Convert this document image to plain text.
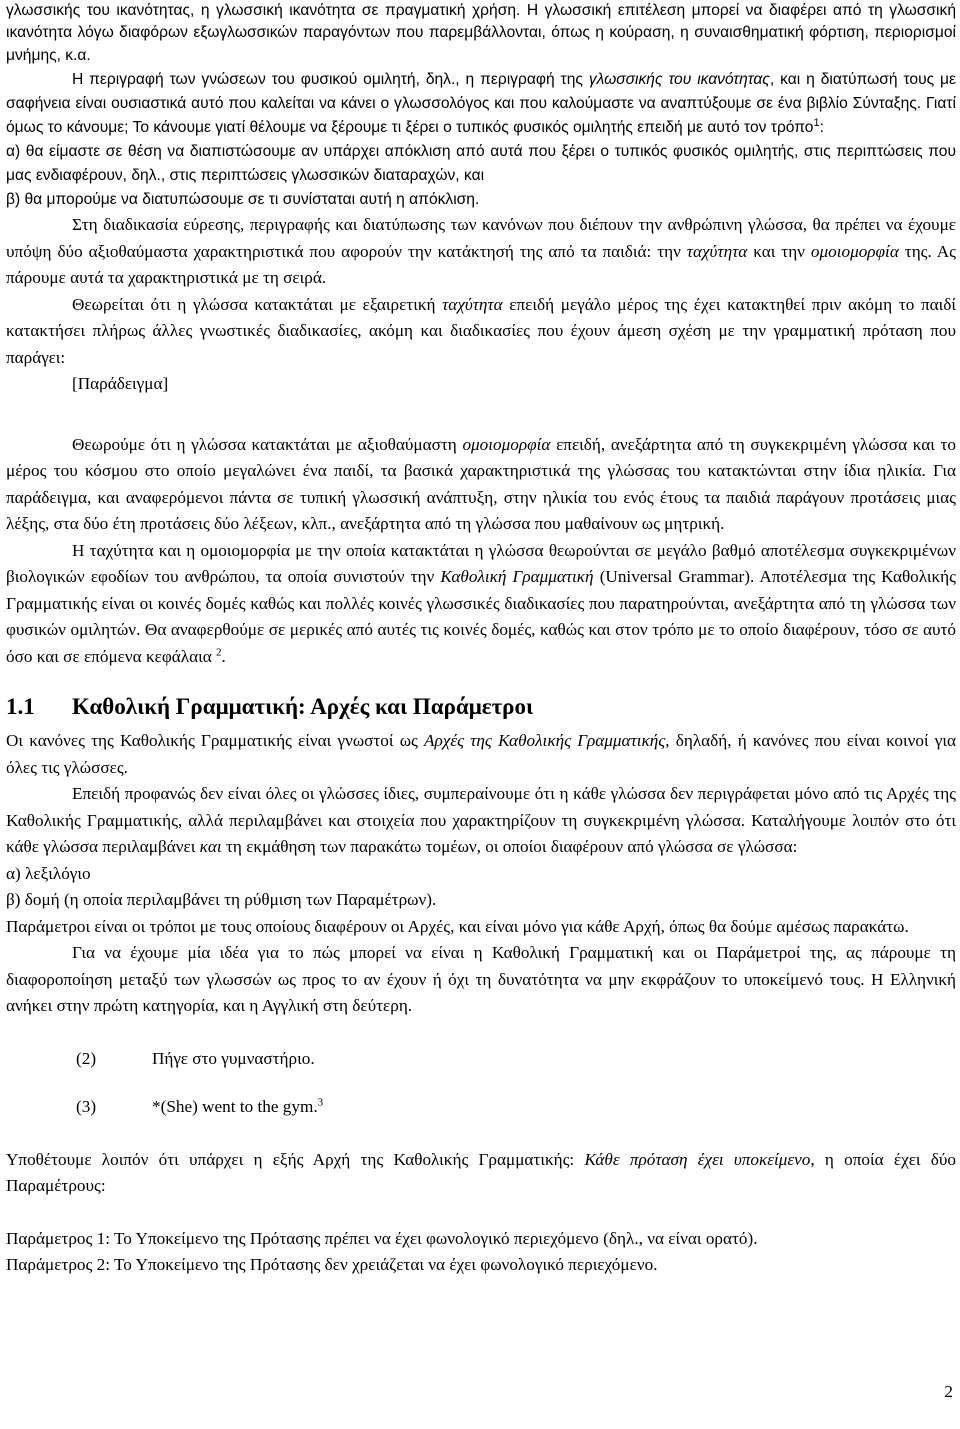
γλωσσικής του ικανότητας, η γλωσσική ικανότητα σε πραγματική χρήση. Η γλωσσική επιτέλεση μπορεί να διαφέρει από τη γλωσσική ικανότητα λόγω διαφόρων εξωγλωσσικών παραγόντων που παρεμβάλλονται, όπως η κούραση, η συναισθηματική φόρτιση, περιορισμοί μνήμης, κ.α.

Η περιγραφή των γνώσεων του φυσικού ομιλητή, δηλ., η περιγραφή της γλωσσικής του ικανότητας, και η διατύπωσή τους με σαφήνεια είναι ουσιαστικά αυτό που καλείται να κάνει ο γλωσσολόγος και που καλούμαστε να αναπτύξουμε σε ένα βιβλίο Σύνταξης. Γιατί όμως το κάνουμε; Το κάνουμε γιατί θέλουμε να ξέρουμε τι ξέρει ο τυπικός φυσικός ομιλητής επειδή με αυτό τον τρόπο$^1$:

α) θα είμαστε σε θέση να διαπιστώσουμε αν υπάρχει απόκλιση από αυτά που ξέρει ο τυπικός φυσικός ομιλητής, στις περιπτώσεις που μας ενδιαφέρουν, δηλ., στις περιπτώσεις γλωσσικών διαταραχών, και

β) θα μπορούμε να διατυπώσουμε σε τι συνίσταται αυτή η απόκλιση.

Στη διαδικασία εύρεσης, περιγραφής και διατύπωσης των κανόνων που διέπουν την ανθρώπινη γλώσσα, θα πρέπει να έχουμε υπόψη δύο αξιοθαύμαστα χαρακτηριστικά που αφορούν την κατάκτησή της από τα παιδιά: την ταχύτητα και την ομοιομορφία της. Ας πάρουμε αυτά τα χαρακτηριστικά με τη σειρά.

Θεωρείται ότι η γλώσσα κατακτάται με εξαιρετική ταχύτητα επειδή μεγάλο μέρος της έχει κατακτηθεί πριν ακόμη το παιδί κατακτήσει πλήρως άλλες γνωστικές διαδικασίες, ακόμη και διαδικασίες που έχουν άμεση σχέση με την γραμματική πρόταση που παράγει:

[Παράδειγμα]

Θεωρούμε ότι η γλώσσα κατακτάται με αξιοθαύμαστη ομοιομορφία επειδή, ανεξάρτητα από τη συγκεκριμένη γλώσσα και το μέρος του κόσμου στο οποίο μεγαλώνει ένα παιδί, τα βασικά χαρακτηριστικά της γλώσσας του κατακτώνται στην ίδια ηλικία. Για παράδειγμα, και αναφερόμενοι πάντα σε τυπική γλωσσική ανάπτυξη, στην ηλικία του ενός έτους τα παιδιά παράγουν προτάσεις μιας λέξης, στα δύο έτη προτάσεις δύο λέξεων, κλπ., ανεξάρτητα από τη γλώσσα που μαθαίνουν ως μητρική.

Η ταχύτητα και η ομοιομορφία με την οποία κατακτάται η γλώσσα θεωρούνται σε μεγάλο βαθμό αποτέλεσμα συγκεκριμένων βιολογικών εφοδίων του ανθρώπου, τα οποία συνιστούν την Καθολική Γραμματική (Universal Grammar). Αποτέλεσμα της Καθολικής Γραμματικής είναι οι κοινές δομές καθώς και πολλές κοινές γλωσσικές διαδικασίες που παρατηρούνται, ανεξάρτητα από τη γλώσσα των φυσικών ομιλητών. Θα αναφερθούμε σε μερικές από αυτές τις κοινές δομές, καθώς και στον τρόπο με το οποίο διαφέρουν, τόσο σε αυτό όσο και σε επόμενα κεφάλαια $^2$.

1.1 Καθολική Γραμματική: Αρχές και Παράμετροι

Οι κανόνες της Καθολικής Γραμματικής είναι γνωστοί ως Αρχές της Καθολικής Γραμματικής, δηλαδή, ή κανόνες που είναι κοινοί για όλες τις γλώσσες.

Επειδή προφανώς δεν είναι όλες οι γλώσσες ίδιες, συμπεραίνουμε ότι η κάθε γλώσσα δεν περιγράφεται μόνο από τις Αρχές της Καθολικής Γραμματικής, αλλά περιλαμβάνει και στοιχεία που χαρακτηρίζουν τη συγκεκριμένη γλώσσα. Καταλήγουμε λοιπόν στο ότι κάθε γλώσσα περιλαμβάνει και τη εκμάθηση των παρακάτω τομέων, οι οποίοι διαφέρουν από γλώσσα σε γλώσσα:

α) λεξιλόγιο

β) δομή (η οποία περιλαμβάνει τη ρύθμιση των Παραμέτρων).

Παράμετροι είναι οι τρόποι με τους οποίους διαφέρουν οι Αρχές, και είναι μόνο για κάθε Αρχή, όπως θα δούμε αμέσως παρακάτω.

Για να έχουμε μία ιδέα για το πώς μπορεί να είναι η Καθολική Γραμματική και οι Παράμετροί της, ας πάρουμε τη διαφοροποίηση μεταξύ των γλωσσών ως προς το αν έχουν ή όχι τη δυνατότητα να μην εκφράζουν το υποκείμενό τους. Η Ελληνική ανήκει στην πρώτη κατηγορία, και η Αγγλική στη δεύτερη.

(2)	Πήγε στο γυμναστήριο.

(3)	*(She) went to the gym.$^3$

Υποθέτουμε λοιπόν ότι υπάρχει η εξής Αρχή της Καθολικής Γραμματικής: Κάθε πρόταση έχει υποκείμενο, η οποία έχει δύο Παραμέτρους:

Παράμετρος 1: Το Υποκείμενο της Πρότασης πρέπει να έχει φωνολογικό περιεχόμενο (δηλ., να είναι ορατό).

Παράμετρος 2: Το Υποκείμενο της Πρότασης δεν χρειάζεται να έχει φωνολογικό περιεχόμενο.

2
